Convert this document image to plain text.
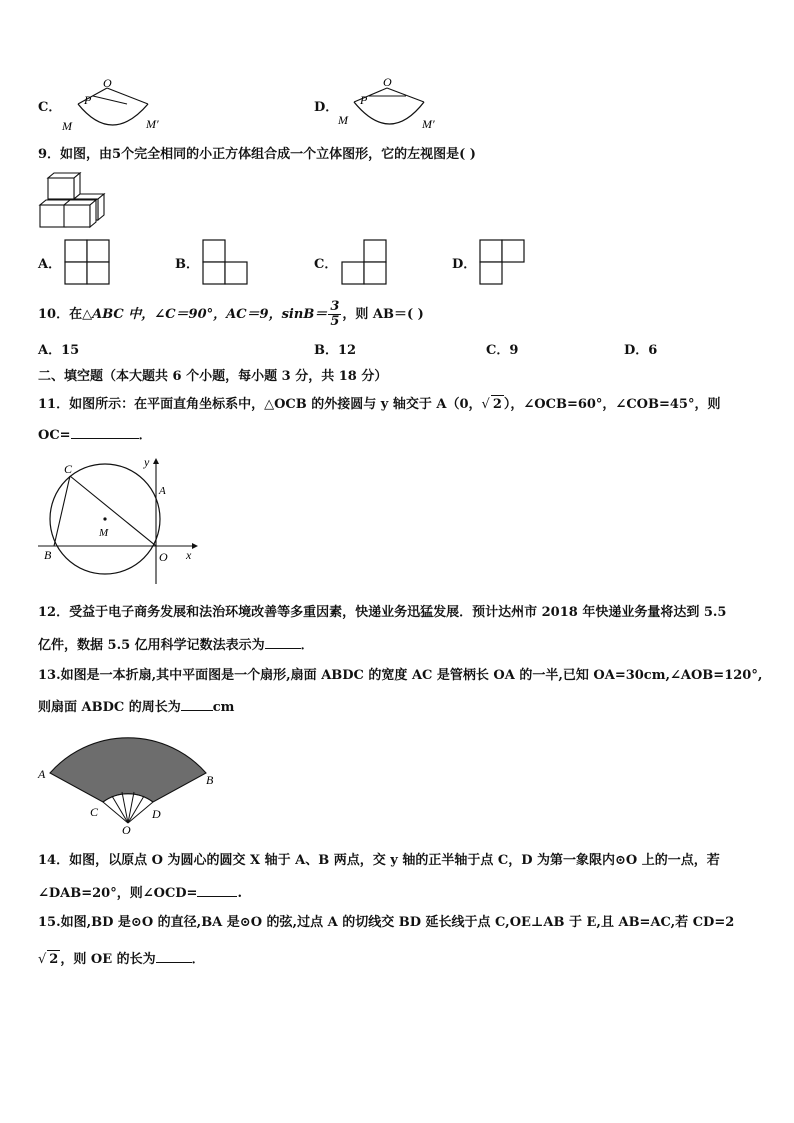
C．
O
P
M	M′
D．
O
P
M	M′
9．如图，由5个完全相同的小正方体组合成一个立体图形，它的左视图是( )
A．	B．	C．	D．
10．在△ABC 中，∠C＝90°，AC＝9，$\sin B= \frac{3}{5}$ ，则 AB＝( )
A．15	B．12	C．9	D．6
二、填空题（本大题共 6 个小题，每小题 3 分，共 18 分）
11．如图所示：在平面直角坐标系中，△OCB 的外接圆与 y 轴交于 A（0，√ 2 ），∠OCB=60°，∠COB=45°，则
OC=	．
C	y
A
M
B	O x
12．受益于电子商务发展和法治环境改善等多重因素，快递业务迅猛发展．预计达州市 2018 年快递业务量将达到 5.5
亿件，数据 5.5 亿用科学记数法表示为	．
13.如图是一本折扇,其中平面图是一个扇形,扇面 ABDC 的宽度 AC 是管柄长 OA 的一半,已知 OA=30cm,∠AOB=120°,
则扇面 ABDC 的周长为 cm
A	B
C	D
O
14．如图，以原点 O 为圆心的圆交 X 轴于 A、B 两点，交 y 轴的正半轴于点 C，D 为第一象限内⊙O 上的一点，若
∠DAB=20°，则∠OCD=	.
15.如图,BD 是⊙O 的直径,BA 是⊙O 的弦,过点 A 的切线交 BD 延长线于点 C,OE⊥AB 于 E,且 AB=AC,若 CD=2
√ 2 ，则 OE 的长为	．
